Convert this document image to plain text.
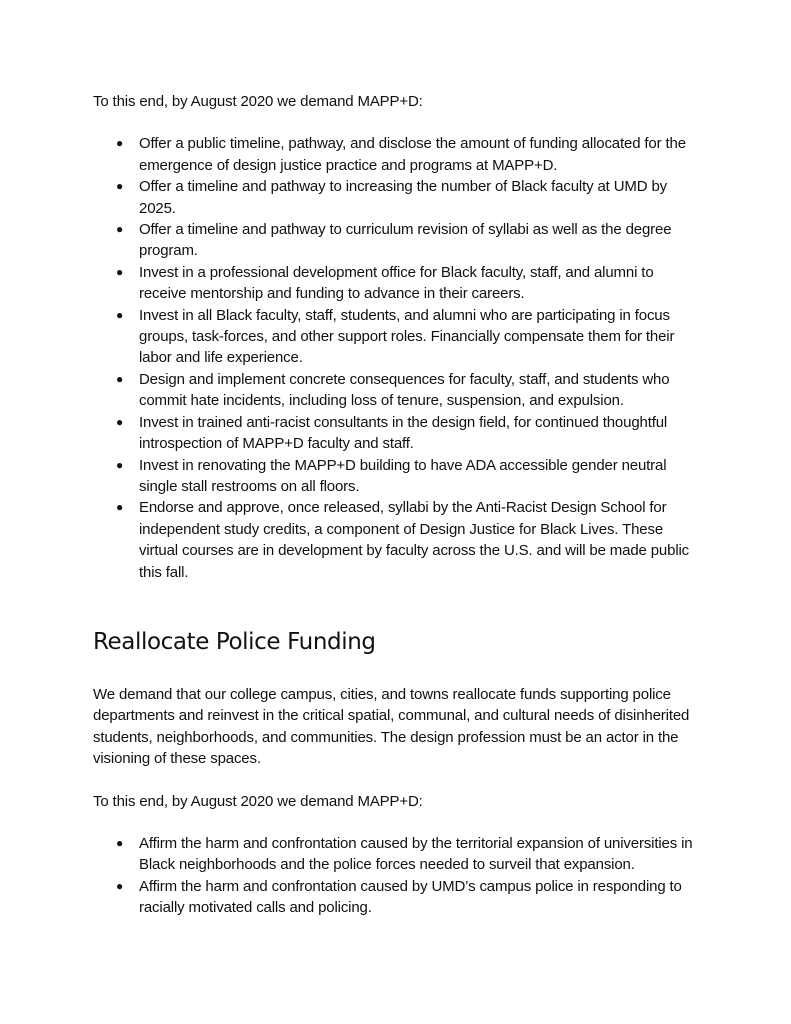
To this end, by August 2020 we demand MAPP+D:

● Offer a public timeline, pathway, and disclose the amount of funding allocated for the emergence of design justice practice and programs at MAPP+D.
● Offer a timeline and pathway to increasing the number of Black faculty at UMD by 2025.
● Offer a timeline and pathway to curriculum revision of syllabi as well as the degree program.
● Invest in a professional development office for Black faculty, staff, and alumni to receive mentorship and funding to advance in their careers.
● Invest in all Black faculty, staff, students, and alumni who are participating in focus groups, task-forces, and other support roles. Financially compensate them for their labor and life experience.
● Design and implement concrete consequences for faculty, staff, and students who commit hate incidents, including loss of tenure, suspension, and expulsion.
● Invest in trained anti-racist consultants in the design field, for continued thoughtful introspection of MAPP+D faculty and staff.
● Invest in renovating the MAPP+D building to have ADA accessible gender neutral single stall restrooms on all floors.
● Endorse and approve, once released, syllabi by the Anti-Racist Design School for independent study credits, a component of Design Justice for Black Lives. These virtual courses are in development by faculty across the U.S. and will be made public this fall.
Reallocate Police Funding

We demand that our college campus, cities, and towns reallocate funds supporting police departments and reinvest in the critical spatial, communal, and cultural needs of disinherited students, neighborhoods, and communities. The design profession must be an actor in the visioning of these spaces.

To this end, by August 2020 we demand MAPP+D:

● Affirm the harm and confrontation caused by the territorial expansion of universities in Black neighborhoods and the police forces needed to surveil that expansion.
● Affirm the harm and confrontation caused by UMD’s campus police in responding to racially motivated calls and policing.
